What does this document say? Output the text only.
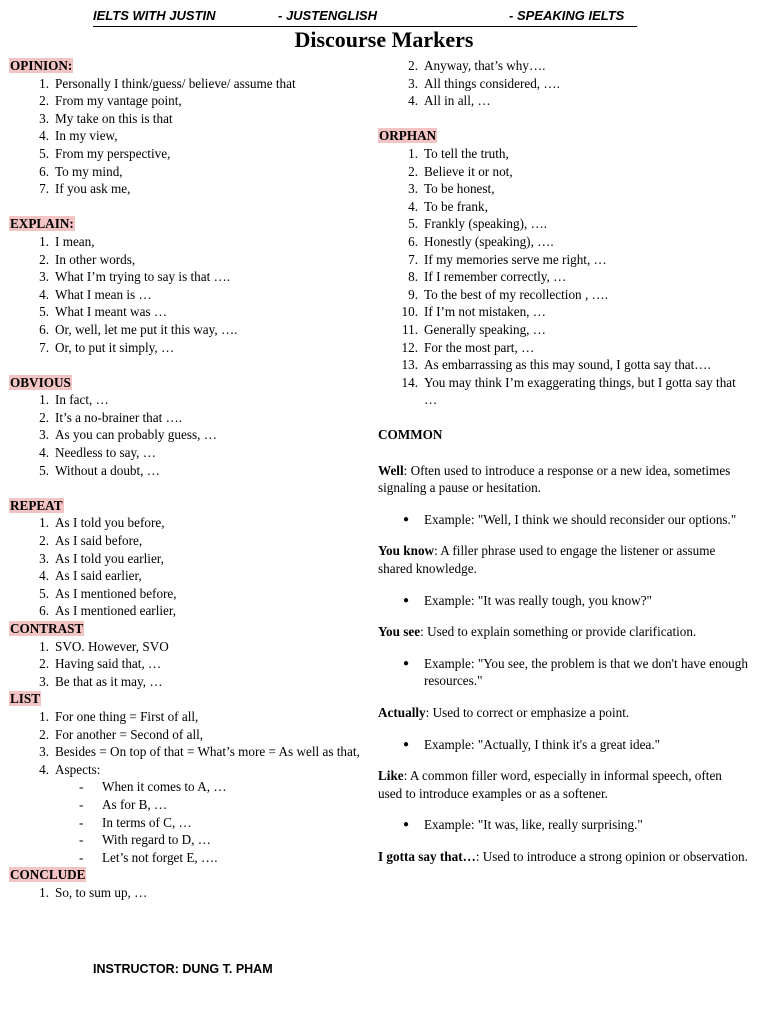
IELTS WITH JUSTIN	- JUSTENGLISH	- SPEAKING IELTS
Discourse Markers
OPINION:
1. Personally I think/guess/ believe/ assume that
2. From my vantage point,
3. My take on this is that
4. In my view,
5. From my perspective,
6. To my mind,
7. If you ask me,
EXPLAIN:
1. I mean,
2. In other words,
3. What I’m trying to say is that ….
4. What I mean is …
5. What I meant was …
6. Or, well, let me put it this way, ….
7. Or, to put it simply, …
OBVIOUS
1. In fact, …
2. It’s a no-brainer that ….
3. As you can probably guess, …
4. Needless to say, …
5. Without a doubt, …
REPEAT
1. As I told you before,
2. As I said before,
3. As I told you earlier,
4. As I said earlier,
5. As I mentioned before,
6. As I mentioned earlier,
CONTRAST
1. SVO. However, SVO
2. Having said that, …
3. Be that as it may, …
LIST
1. For one thing = First of all,
2. For another = Second of all,
3. Besides = On top of that = What’s more = As well as that,
4. Aspects:
- When it comes to A, …
- As for B, …
- In terms of C, …
- With regard to D, …
- Let’s not forget E, ….
CONCLUDE
1. So, to sum up, …
2. Anyway, that’s why….
3. All things considered, ….
4. All in all, …
ORPHAN
1. To tell the truth,
2. Believe it or not,
3. To be honest,
4. To be frank,
5. Frankly (speaking), ….
6. Honestly (speaking), ….
7. If my memories serve me right, …
8. If I remember correctly, …
9. To the best of my recollection , ….
10. If I’m not mistaken, …
11. Generally speaking, …
12. For the most part, …
13. As embarrassing as this may sound, I gotta say that….
14. You may think I’m exaggerating things, but I gotta say that …
COMMON
Well: Often used to introduce a response or a new idea, sometimes signaling a pause or hesitation.
● Example: "Well, I think we should reconsider our options."
You know: A filler phrase used to engage the listener or assume shared knowledge.
● Example: "It was really tough, you know?"
You see: Used to explain something or provide clarification.
● Example: "You see, the problem is that we don't have enough resources."
Actually: Used to correct or emphasize a point.
● Example: "Actually, I think it's a great idea."
Like: A common filler word, especially in informal speech, often used to introduce examples or as a softener.
● Example: "It was, like, really surprising."
I gotta say that…: Used to introduce a strong opinion or observation.
INSTRUCTOR: DUNG T. PHAM
